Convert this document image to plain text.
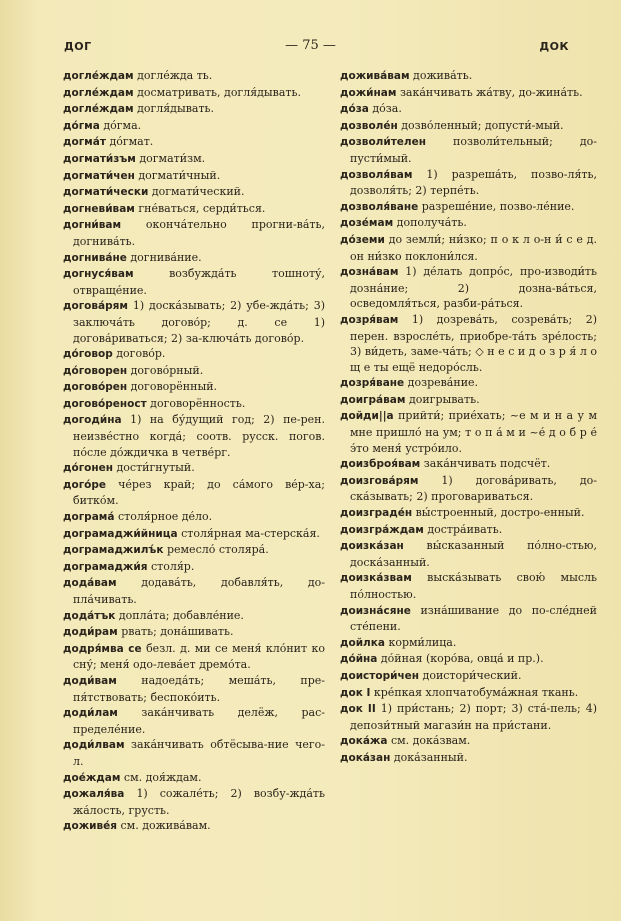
ДОГ	— 75 —	ДОК

догле́ждам догле́жда ть.

догле́ждам досматривать, догля́дывать.

догле́ждам догля́дывать.

до́гма до́гма.

догма́т до́гмат.

догмати́зъм догмати́зм.

догмати́чен догмати́чный.

догмати́чески догмати́ческий.

догневи́вам гне́ваться, серди́ться.

догни́вам оконча́тельно прогни-ва́ть, догнива́ть.

догнива́не догнива́ние.

догнуся́вам	возбужда́ть тошноту́, отвраще́ние.

догова́рям 1) доска́зывать; 2) убе-жда́ть; 3) заключа́ть догово́р; д. се 1) догова́риваться; 2) за-ключа́ть догово́р.

до́говор догово́р.

до́говорен догово́рный.

догово́рен договорённый.

догово́реност договорённость.

догоди́на 1) на бу́дущий год; 2) пе-рен. неизве́стно когда́; соотв. русск. погов. по́сле до́ждичка в четве́рг.

до́гонен дости́гнутый.

дого́ре че́рез край; до са́мого ве́р-ха; битко́м.

дограма́ столя́рное де́ло.

дограмаджи́йница столя́рная ма-стерска́я.

дограмаджилъ́к ремесло́ столяра́.

дограмаджи́я столя́р.

дода́вам додава́ть, добавля́ть, до-пла́чивать.

дода́тък допла́та; добавле́ние.

доди́рам рвать; дона́шивать.

додря́мва се безл. д. ми се меня́ кло́нит ко сну́; меня́ одо-лева́ет дремо́та.

доди́вам надоеда́ть; меша́ть, пре-пя́тствовать; беспоко́ить.

доди́лам зака́нчивать делёж, рас-пределе́ние.

доди́лвам зака́нчивать обтёсыва-ние чего-л.

дое́ждам см. доя́ждам.

дожаля́ва 1) сожале́ть; 2) возбу-жда́ть жа́лость, грусть.

доживе́я см. дожива́вам.

дожива́вам дожива́ть.

дожи́нам зака́нчивать жа́тву, до-жина́ть.

до́за до́за.

дозволе́н дозво́ленный; допусти́-мый.

дозволи́телен позволи́тельный; до-пусти́мый.

дозволя́вам 1) разреша́ть, позво-ля́ть, дозволя́ть; 2) терпе́ть.

дозволя́ване разреше́ние, позво-ле́ние.

дозе́мам дополуча́ть.

до́земи до земли́; ни́зко; п о к л о-н и́ с е д. он ни́зко поклони́лся.

дозна́вам 1) де́лать допро́с, про-изводи́ть дозна́ние; 2) дозна-ва́ться, осведомля́ться, разби-ра́ться.

дозря́вам 1) дозрева́ть, созрева́ть; 2) перен. взросле́ть, приобре-та́ть зре́лость; 3) ви́деть, заме-ча́ть; ◇ н е с и д о з р я́ л о щ е ты ещё недоро́сль.

дозря́ване дозрева́ние.

доигра́вам доигрывать.

дойди||а прийти́; прие́хать; ~е м и н а у м мне пришло́ на ум; т о п а́ м и ~е́ д о б р е́ э́то меня́ устро́ило.

доизброя́вам зака́нчивать подсчёт.

доизгова́рям 1) догова́ривать, до-ска́зывать; 2) проговариваться.

доизграде́н вы́строенный, достро-енный.

доизгра́ждам достра́ивать.

доизка́зан вы́сказанный по́лно-стью, доска́занный.

доизка́звам выска́зывать свою́ мысль по́лностью.

доизна́сяне изна́шивание до по-сле́дней сте́пени.

дойлка корми́лица.

до́йна до́йная (коро́ва, овца́ и пр.).

доистори́чен доистори́ческий.

док I кре́пкая хлопчатобума́жная ткань.

док II 1) при́стань; 2) порт; 3) ста́-пель; 4) депози́тный магази́н на при́стани.

дока́жа см. дока́звам.

дока́зан дока́занный.
